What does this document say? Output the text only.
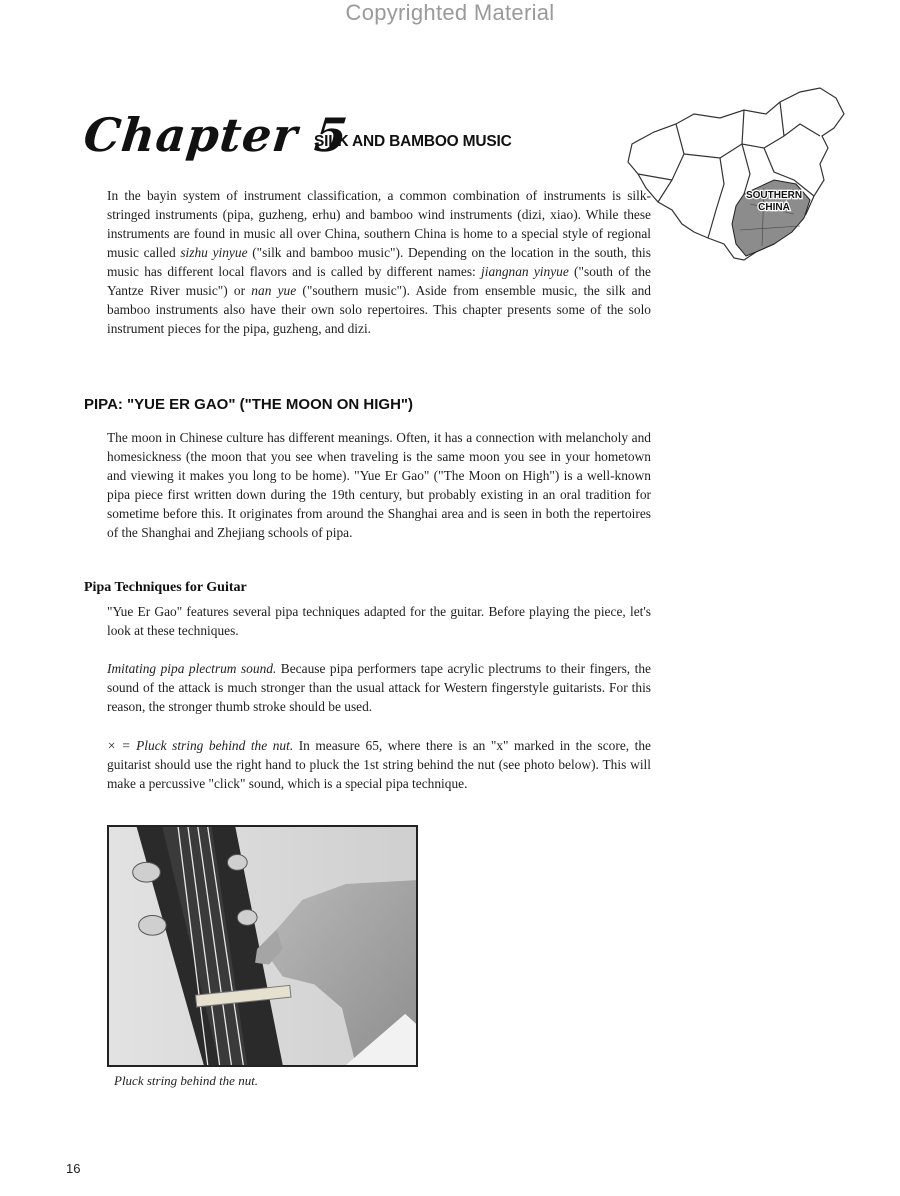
Copyrighted Material
Chapter 5
SILK AND BAMBOO MUSIC
SOUTHERN
CHINA

In the bayin system of instrument classification, a common combination of instruments is silk-stringed instruments (pipa, guzheng, erhu) and bamboo wind instruments (dizi, xiao). While these instruments are found in music all over China, southern China is home to a special style of regional music called sizhu yinyue ("silk and bamboo music"). Depending on the location in the south, this music has different local flavors and is called by different names: jiangnan yinyue ("south of the Yantze River music") or nan yue ("southern music"). Aside from ensemble music, the silk and bamboo instruments also have their own solo repertoires. This chapter presents some of the solo instrument pieces for the pipa, guzheng, and dizi.

PIPA: "YUE ER GAO" ("THE MOON ON HIGH")

The moon in Chinese culture has different meanings. Often, it has a connection with melancholy and homesickness (the moon that you see when traveling is the same moon you see in your hometown and viewing it makes you long to be home). "Yue Er Gao" ("The Moon on High") is a well-known pipa piece first written down during the 19th century, but probably existing in an oral tradition for sometime before this. It originates from around the Shanghai area and is seen in both the repertoires of the Shanghai and Zhejiang schools of pipa.

Pipa Techniques for Guitar

"Yue Er Gao" features several pipa techniques adapted for the guitar. Before playing the piece, let's look at these techniques.

Imitating pipa plectrum sound. Because pipa performers tape acrylic plectrums to their fingers, the sound of the attack is much stronger than the usual attack for Western fingerstyle guitarists. For this reason, the stronger thumb stroke should be used.

× = Pluck string behind the nut. In measure 65, where there is an "x" marked in the score, the guitarist should use the right hand to pluck the 1st string behind the nut (see photo below). This will make a percussive "click" sound, which is a special pipa technique.

Pluck string behind the nut.
16
